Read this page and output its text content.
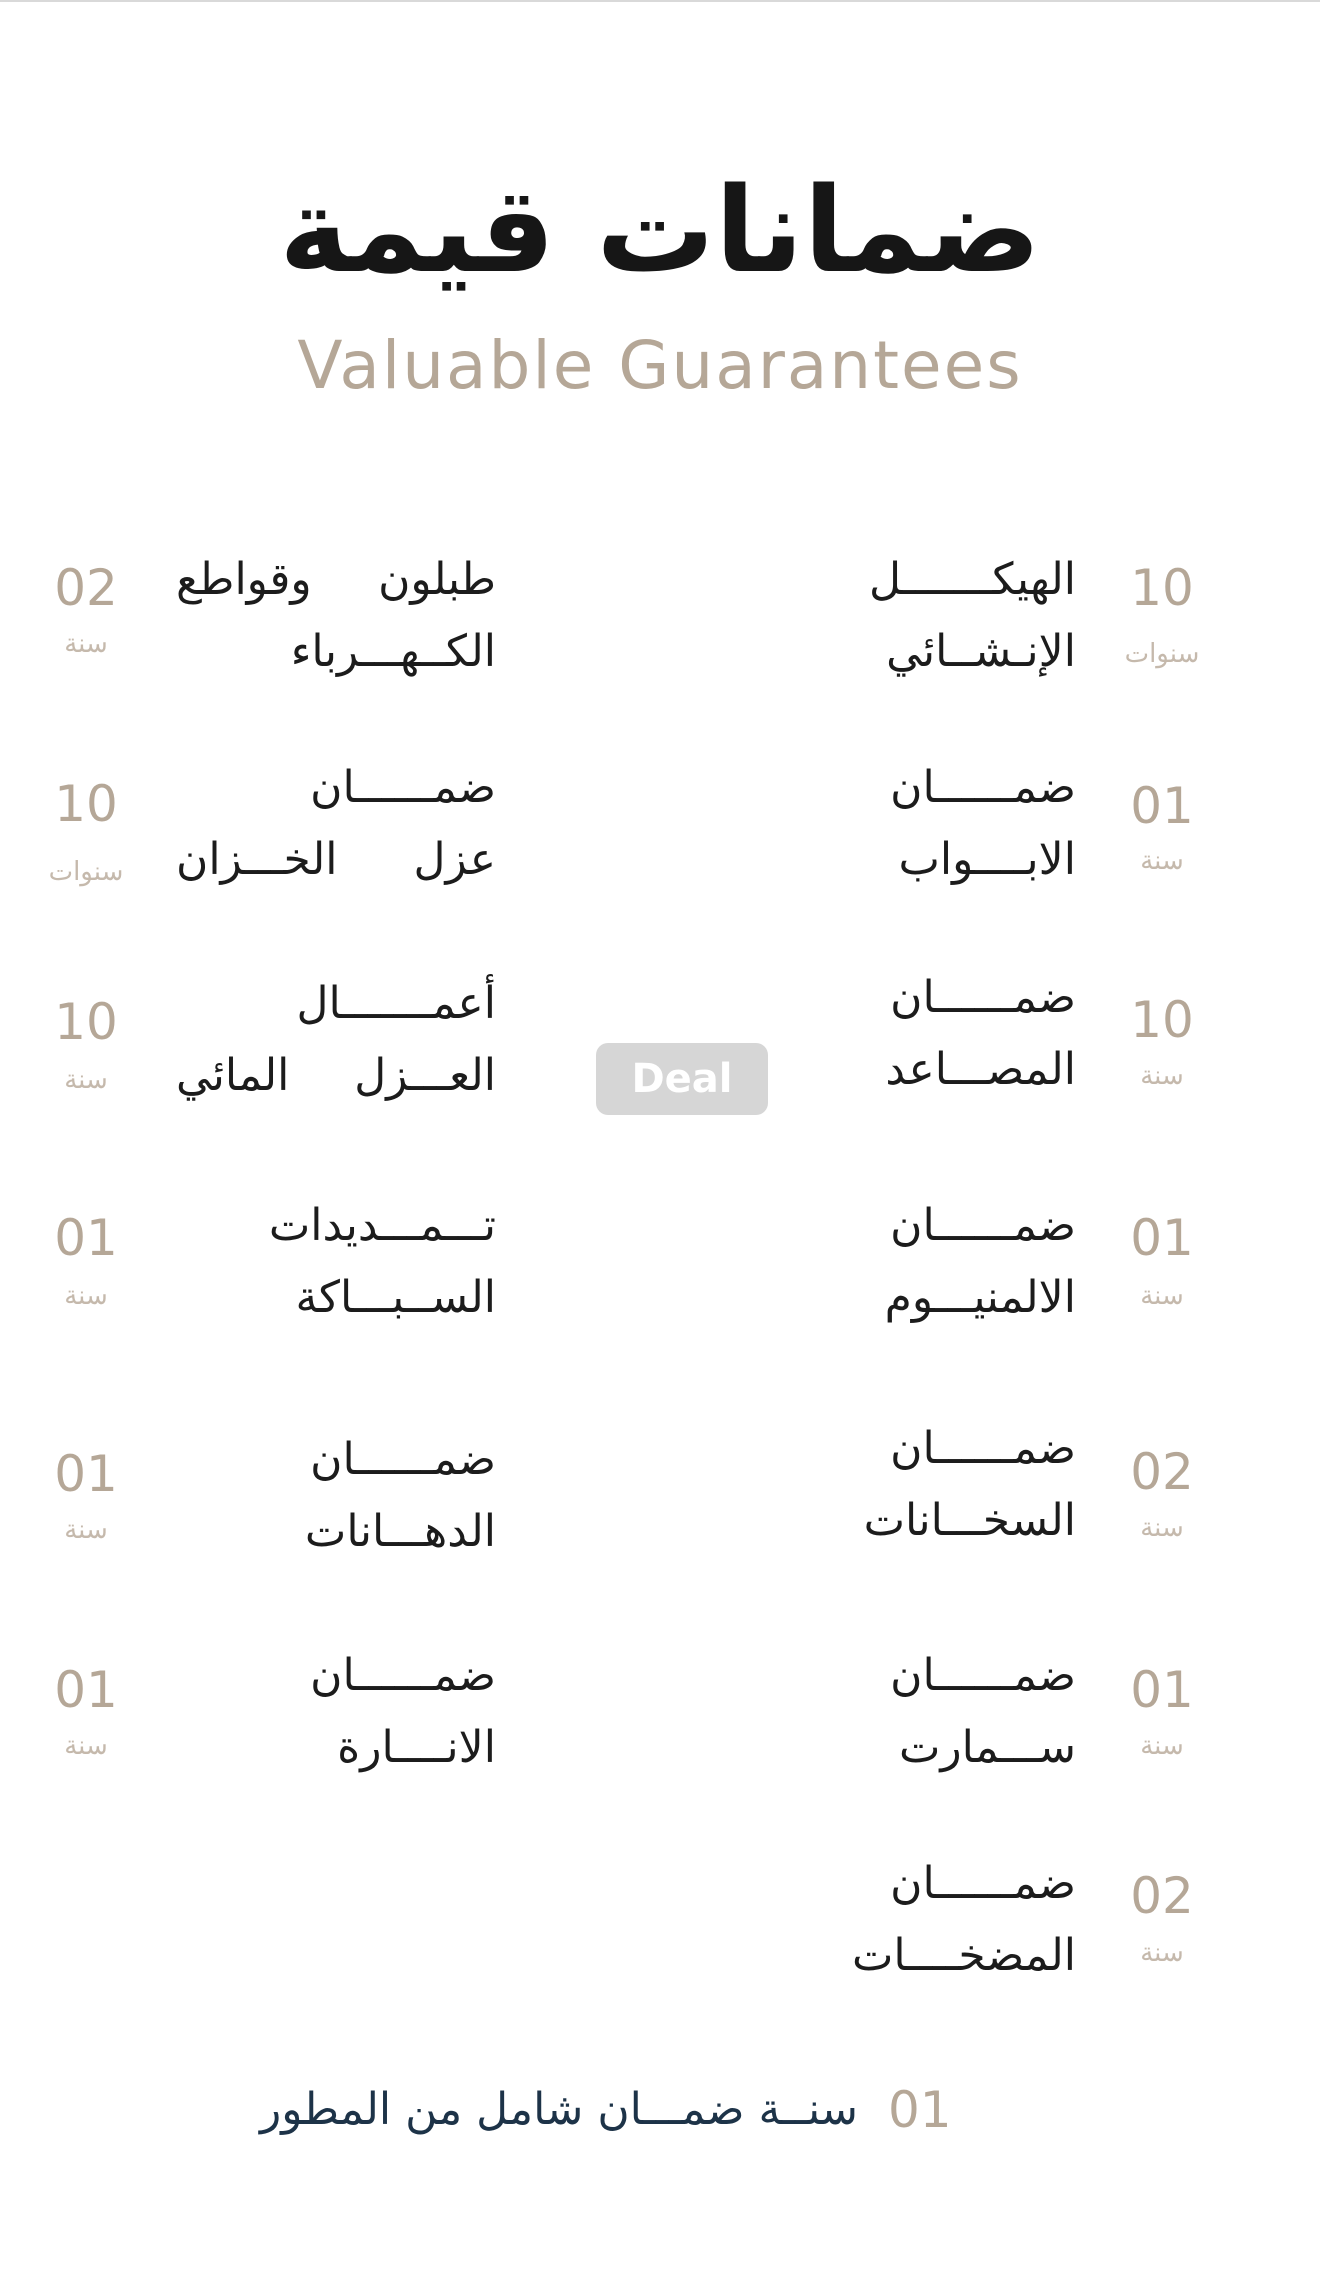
ضمانات قيمة
Valuable Guarantees
الهيكـــــــل
الإنـشــائي
10
سنوات
ضمــــــان
الابــــواب
01
سنة
ضمــــــان
المصـــاعد
10
سنة
ضمــــــان
الالمنيـــوم
01
سنة
ضمــــــان
السخـــانات
02
سنة
ضمــــــان
ســـمارت
01
سنة
ضمــــــان
المضخــــات
02
سنة
طبلون وقواطع
الكــهـــرباء
02
سنة
ضمــــــان
عزل الخـــزان
10
سنوات
أعمـــــــال
العـــزل المائي
10
سنة
تـــمـــديدات
الســبـــاكة
01
سنة
ضمــــــان
الدهـــانات
01
سنة
ضمــــــان
الانــــارة
01
سنة
Deal
سنــة ضمـــان شامل من المطور 01
